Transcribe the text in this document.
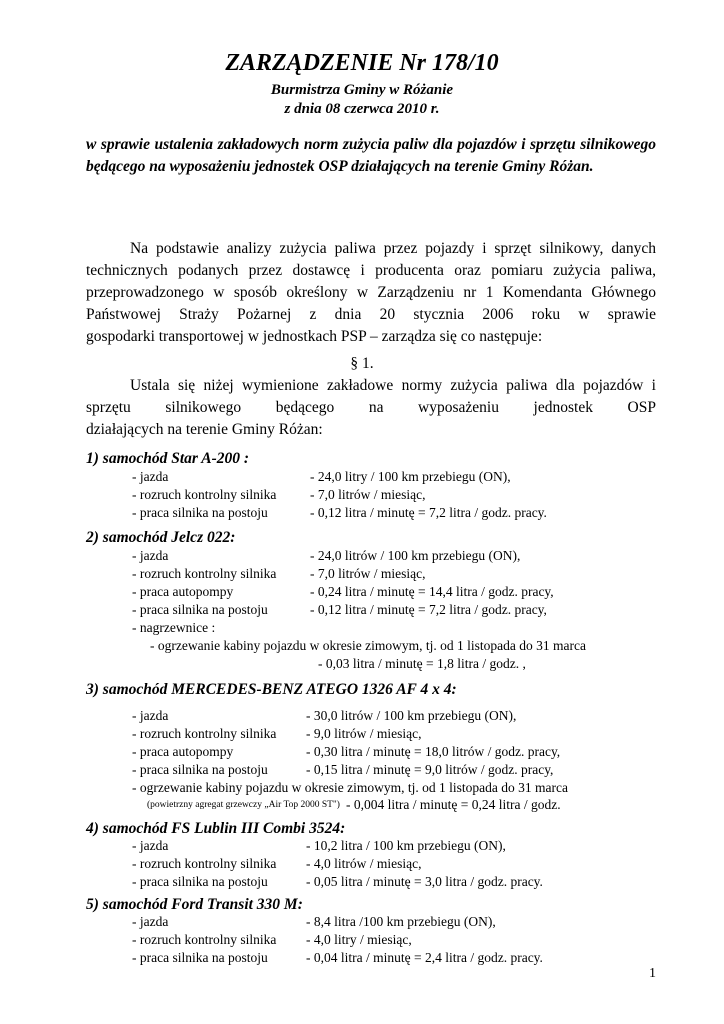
ZARZĄDZENIE Nr 178/10
Burmistrza Gminy w Różanie
z dnia 08 czerwca 2010 r.
w sprawie ustalenia zakładowych norm zużycia paliw dla pojazdów i sprzętu silnikowego będącego na wyposażeniu jednostek OSP działających na terenie Gminy Różan.

Na podstawie analizy zużycia paliwa przez pojazdy i sprzęt silnikowy, danych technicznych podanych przez dostawcę i producenta oraz pomiaru zużycia paliwa, przeprowadzonego w sposób określony w Zarządzeniu nr 1 Komendanta Głównego Państwowej Straży Pożarnej z dnia 20 stycznia 2006 roku w sprawie

gospodarki transportowej w jednostkach PSP – zarządza się co następuje:

§ 1.

Ustala się niżej wymienione zakładowe normy zużycia paliwa dla pojazdów i sprzętu silnikowego będącego na wyposażeniu jednostek OSP

działających na terenie Gminy Różan:

1) samochód Star A-200 :
- jazda	- 24,0 litry / 100 km przebiegu (ON),
- rozruch kontrolny silnika - 7,0 litrów / miesiąc,
- praca silnika na postoju	- 0,12 litra / minutę = 7,2 litra / godz. pracy.
2) samochód Jelcz 022:
- jazda	- 24,0 litrów / 100 km przebiegu (ON),
- rozruch kontrolny silnika - 7,0 litrów / miesiąc,
- praca autopompy	- 0,24 litra / minutę = 14,4 litra / godz. pracy,
- praca silnika na postoju	- 0,12 litra / minutę = 7,2 litra / godz. pracy,
- nagrzewnice :
- ogrzewanie kabiny pojazdu w okresie zimowym, tj. od 1 listopada do 31 marca
- 0,03 litra / minutę = 1,8 litra / godz. ,
3) samochód MERCEDES-BENZ ATEGO 1326 AF 4 x 4:
- jazda	- 30,0 litrów / 100 km przebiegu (ON),
- rozruch kontrolny silnika - 9,0 litrów / miesiąc,
- praca autopompy	- 0,30 litra / minutę = 18,0 litrów / godz. pracy,
- praca silnika na postoju	- 0,15 litra / minutę = 9,0 litrów / godz. pracy,
- ogrzewanie kabiny pojazdu w okresie zimowym, tj. od 1 listopada do 31 marca
(powietrzny agregat grzewczy „Air Top 2000 ST") - 0,004 litra / minutę = 0,24 litra / godz.
4) samochód FS Lublin III Combi 3524:
- jazda	- 10,2 litra / 100 km przebiegu (ON),
- rozruch kontrolny silnika - 4,0 litrów / miesiąc,
- praca silnika na postoju	- 0,05 litra / minutę = 3,0 litra / godz. pracy.
5) samochód Ford Transit 330 M:
- jazda	- 8,4 litra /100 km przebiegu (ON),
- rozruch kontrolny silnika - 4,0 litry / miesiąc,
- praca silnika na postoju	- 0,04 litra / minutę = 2,4 litra / godz. pracy.
1
